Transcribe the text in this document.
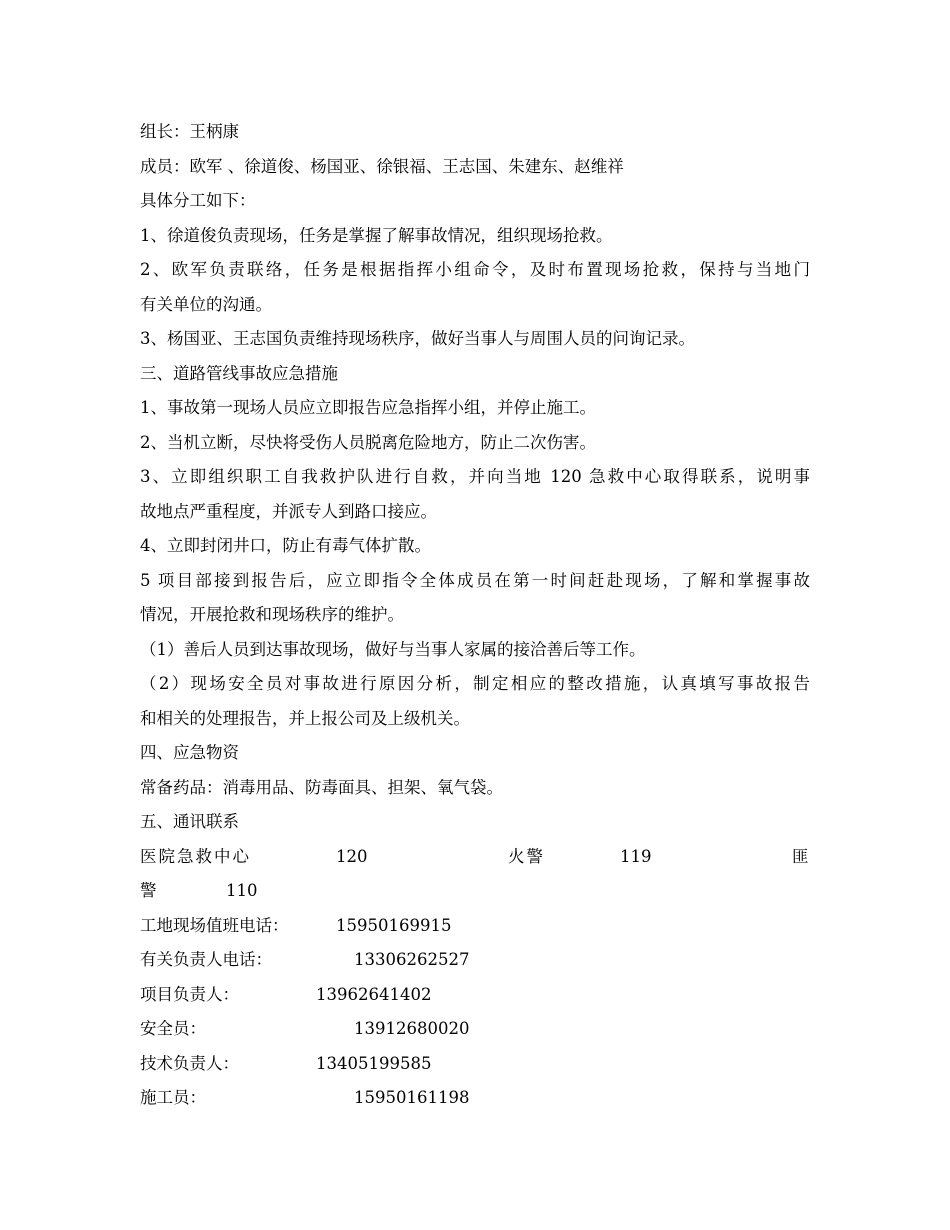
组长：王柄康
成员：欧军 、徐道俊、杨国亚、徐银福、王志国、朱建东、赵维祥
具体分工如下：
1、徐道俊负责现场，任务是掌握了解事故情况，组织现场抢救。
2、欧军负责联络，任务是根据指挥小组命令，及时布置现场抢救，保持与当地门
有关单位的沟通。
3、杨国亚、王志国负责维持现场秩序，做好当事人与周围人员的问询记录。
三、道路管线事故应急措施
1、事故第一现场人员应立即报告应急指挥小组，并停止施工。
2、当机立断，尽快将受伤人员脱离危险地方，防止二次伤害。
3、立即组织职工自我救护队进行自救，并向当地 120 急救中心取得联系，说明事
故地点严重程度，并派专人到路口接应。
4、立即封闭井口，防止有毒气体扩散。
5 项目部接到报告后，应立即指令全体成员在第一时间赶赴现场，了解和掌握事故
情况，开展抢救和现场秩序的维护。
（1）善后人员到达事故现场，做好与当事人家属的接洽善后等工作。
（2）现场安全员对事故进行原因分析，制定相应的整改措施，认真填写事故报告
和相关的处理报告，并上报公司及上级机关。
四、应急物资
常备药品：消毒用品、防毒面具、担架、氧气袋。
五、通讯联系
医院急救中心	120	火警	119	匪
警	110
工地现场值班电话：	15950169915
有关负责人电话：	13306262527
项目负责人：	13962641402
安全员：	13912680020
技术负责人：	13405199585
施工员：	15950161198
